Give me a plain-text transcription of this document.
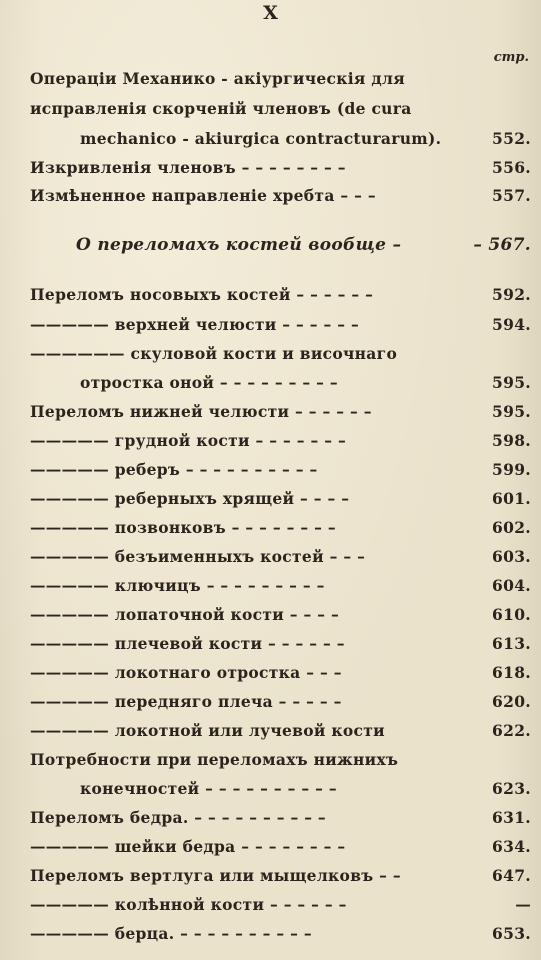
X
стр.
Операціи Механико - акіургическія для
исправленія скорченій членовъ (de cura
mechanico - akiurgica contracturarum).	552.
Изкривленія членовъ – – – – – – – –	556.
Измѣненное направленіе хребта – – –	557.
О переломахъ костей вообще –	– 567.
Переломъ носовыхъ костей – – – – – –	592.
————— верхней челюсти – – – – – –	594.
—————— скуловой кости и височнаго
отростка оной – – – – – – – – –	595.
Переломъ нижней челюсти – – – – – –	595.
————— грудной кости – – – – – – –	598.
————— реберъ – – – – – – – – – –	599.
————— реберныхъ хрящей – – – –	601.
————— позвонковъ – – – – – – – –	602.
————— безъименныхъ костей – – –	603.
————— ключицъ – – – – – – – – –	604.
————— лопаточной кости – – – –	610.
————— плечевой кости – – – – – –	613.
————— локотнаго отростка – – –	618.
————— передняго плеча – – – – –	620.
————— локотной или лучевой кости	622.
Потребности при переломахъ нижнихъ
конечностей – – – – – – – – – –	623.
Переломъ бедра. – – – – – – – – – –	631.
————— шейки бедра – – – – – – – –	634.
Переломъ вертлуга или мыщелковъ – –	647.
————— колѣнной кости – – – – – –	—
————— берца. – – – – – – – – – –	653.
